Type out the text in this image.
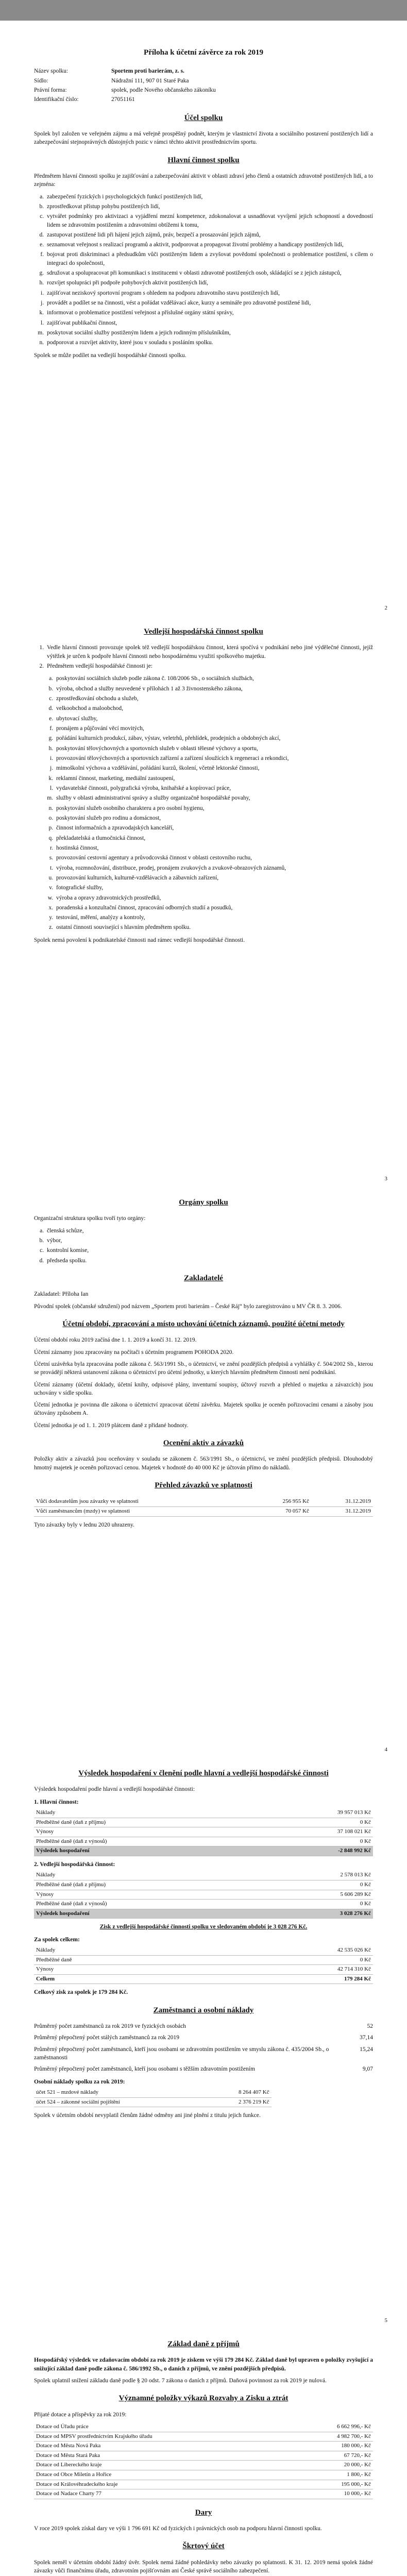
Příloha k účetní závěrce za rok 2019
Název spolku:	Sportem proti barierám, z. s.
Sídlo:	Nádražní 111, 907 01 Staré Paka
Právní forma:	spolek, podle Nového občanského zákoníku
Identifikační číslo:	27051161
Účel spolku

Spolek byl založen ve veřejném zájmu a má veřejně prospěšný podnět, kterým je vlastnictví života a sociálního postavení postižených lidí a zabezpečování stejnoprávných důstojných pozic v rámci těchto aktivit prostřednictvím sportu.

Hlavní činnost spolku

Předmětem hlavní činnosti spolku je zajišťování a zabezpečování aktivit v oblasti zdraví jeho členů a ostatních zdravotně postižených lidí, a to zejména:

a. zabezpečení fyzických i psychologických funkcí postižených lidí,
b. zprostředkovat přístup pohybu postižených lidí,
c. vytvářet podmínky pro aktivizaci a vyjádření mezní kompetence, zdokonalovat a usnadňovat vyvíjení jejich schopností a dovedností lidem se zdravotním postižením a zdravotními obtížemi k tomu,
d. zastupovat postižené lidi při hájení jejich zájmů, práv, bezpečí a prosazování jejich zájmů,
e. seznamovat veřejnost s realizací programů a aktivit, podporovat a propagovat životní problémy a handicapy postižených lidí,
f. bojovat proti diskriminaci a předsudkům vůči postiženým lidem a zvyšovat povědomí společnosti o problematice postižení, s cílem o integraci do společnosti,
g. sdružovat a spolupracovat při komunikaci s institucemi v oblasti zdravotně postižených osob, skládající se z jejich zástupců,
h. rozvíjet spolupráci při podpoře pohybových aktivit postižených lidí,
i. zajišťovat neziskový sportovní program s ohledem na podporu zdravotního stavu postižených lidí,
j. provádět a podílet se na činnosti, vést a pořádat vzdělávací akce, kurzy a semináře pro zdravotně postižené lidi,
k. informovat o problematice postižení veřejnost a příslušné orgány státní správy,
l. zajišťovat publikační činnost,
m. poskytovat sociální služby postiženým lidem a jejich rodinným příslušníkům,
n. podporovat a rozvíjet aktivity, které jsou v souladu s posláním spolku.

Spolek se může podílet na vedlejší hospodářské činnosti spolku.

2
Vedlejší hospodářská činnost spolku
1. Vedle hlavní činnosti provozuje spolek též vedlejší hospodářskou činnost, která spočívá v podnikání nebo jiné výdělečné činnosti, jejíž výtěžek je určen k podpoře hlavní činnosti nebo hospodárnému využití spolkového majetku.
2. Předmětem vedlejší hospodářské činnosti je:
a. poskytování sociálních služeb podle zákona č. 108/2006 Sb., o sociálních službách,
b. výroba, obchod a služby neuvedené v přílohách 1 až 3 živnostenského zákona,
c. zprostředkování obchodu a služeb,
d. velkoobchod a maloobchod,
e. ubytovací služby,
f. pronájem a půjčování věcí movitých,
g. pořádání kulturních produkcí, zábav, výstav, veletrhů, přehlídek, prodejních a obdobných akcí,
h. poskytování tělovýchovných a sportovních služeb v oblasti tělesné výchovy a sportu,
i. provozování tělovýchovných a sportovních zařízení a zařízení sloužících k regeneraci a rekondici,
j. mimoškolní výchova a vzdělávání, pořádání kurzů, školení, včetně lektorské činnosti,
k. reklamní činnost, marketing, mediální zastoupení,
l. vydavatelské činnosti, polygrafická výroba, knihařské a kopírovací práce,
m. služby v oblasti administrativní správy a služby organizačně hospodářské povahy,
n. poskytování služeb osobního charakteru a pro osobní hygienu,
o. poskytování služeb pro rodinu a domácnost,
p. činnost informačních a zpravodajských kanceláří,
q. překladatelská a tlumočnická činnost,
r. hostinská činnost,
s. provozování cestovní agentury a průvodcovská činnost v oblasti cestovního ruchu,
t. výroba, rozmnožování, distribuce, prodej, pronájem zvukových a zvukově-obrazových záznamů,
u. provozování kulturních, kulturně-vzdělávacích a zábavních zařízení,
v. fotografické služby,
w. výroba a opravy zdravotnických prostředků,
x. poradenská a konzultační činnost, zpracování odborných studií a posudků,
y. testování, měření, analýzy a kontroly,
z. ostatní činnosti související s hlavním předmětem spolku.

Spolek nemá povolení k podnikatelské činnosti nad rámec vedlejší hospodářské činnosti.

3
Orgány spolku

Organizační struktura spolku tvoří tyto orgány:

a. členská schůze,
b. výbor,
c. kontrolní komise,
d. předseda spolku.
Zakladatelé

Zakladatel: Příloha Ian

Původní spolek (občanské sdružení) pod názvem „Sportem proti barierám – České Ráj“ bylo zaregistrováno u MV ČR 8. 3. 2006.

Účetní období, zpracování a místo uchování účetních záznamů, použité účetní metody

Účetní období roku 2019 začíná dne 1. 1. 2019 a končí 31. 12. 2019.

Účetní záznamy jsou zpracovány na počítači s účetním programem POHODA 2020.

Účetní uzávěrka byla zpracována podle zákona č. 563/1991 Sb., o účetnictví, ve znění pozdějších předpisů a vyhlášky č. 504/2002 Sb., kterou se provádějí některá ustanovení zákona o účetnictví pro účetní jednotky, u kterých hlavním předmětem činnosti není podnikání.

Účetní záznamy (účetní doklady, účetní knihy, odpisové plány, inventurní soupisy, účtový rozvrh a přehled o majetku a závazcích) jsou uchovány v sídle spolku.

Účetní jednotka je povinna dle zákona o účetnictví zpracovat účetní závěrku. Majetek spolku je oceněn pořizovacími cenami a zásoby jsou účtovány způsobem A.

Účetní jednotka je od 1. 1. 2019 plátcem daně z přidané hodnoty.

Ocenění aktiv a závazků

Položky aktiv a závazků jsou oceňovány v souladu se zákonem č. 563/1991 Sb., o účetnictví, ve znění pozdějších předpisů. Dlouhodobý hmotný majetek je oceněn pořizovací cenou. Majetek v hodnotě do 40 000 Kč je účtován přímo do nákladů.

Přehled závazků ve splatnosti
Vůči dodavatelům jsou závazky ve splatnosti	256 955 Kč	31.12.2019
Vůči zaměstnancům (mzdy) ve splatnosti	70 057 Kč	31.12.2019

Tyto závazky byly v lednu 2020 uhrazeny.

4
Výsledek hospodaření v členění podle hlavní a vedlejší hospodářské činnosti

Výsledek hospodaření podle hlavní a vedlejší hospodářské činnosti:

1. Hlavní činnost:
Náklady	39 957 013 Kč
Předběžné daně (daň z příjmu)	0 Kč
Výnosy	37 108 021 Kč
Předběžné daně (daň z výnosů)	0 Kč
Výsledek hospodaření	-2 848 992 Kč
2. Vedlejší hospodářská činnost:
Náklady	2 578 013 Kč
Předběžné daně (daň z příjmu)	0 Kč
Výnosy	5 606 289 Kč
Předběžné daně (daň z výnosů)	0 Kč
Výsledek hospodaření	3 028 276 Kč
Zisk z vedlejší hospodářské činnosti spolku ve sledovaném období je 3 028 276 Kč.
Za spolek celkem:
Náklady	42 535 026 Kč
Předběžné daně	0 Kč
Výnosy	42 714 310 Kč
Celkem	179 284 Kč

Celkový zisk za spolek je 179 284 Kč.

Zaměstnanci a osobní náklady
Průměrný počet zaměstnanců za rok 2019 ve fyzických osobách	52
Průměrný přepočtený počet stálých zaměstnanců za rok 2019	37,14
Průměrný přepočtený počet zaměstnanců, kteří jsou osobami se zdravotním postižením ve smyslu zákona č. 435/2004 Sb., o zaměstnanosti
15,24
Průměrný přepočtený počet zaměstnanců, kteří jsou osobami s těžším zdravotním postižením	9,07
Osobní náklady spolku za rok 2019:
účet 521 – mzdové náklady	8 264 407 Kč
účet 524 – zákonné sociální pojištění	2 376 219 Kč

Spolek v účetním období nevyplatil členům žádné odměny ani jiné plnění z titulu jejich funkce.

5
Základ daně z příjmů

Hospodářský výsledek ve zdaňovacím období za rok 2019 je ziskem ve výši 179 284 Kč. Základ daně byl upraven o položky zvyšující a snižující základ daně podle zákona č. 586/1992 Sb., o daních z příjmů, ve znění pozdějších předpisů.

Spolek uplatnil snížení základu daně podle § 20 odst. 7 zákona o daních z příjmů. Daňová povinnost za rok 2019 je nulová.

Významné položky výkazů Rozvahy a Zisku a ztrát

Přijaté dotace a příspěvky za rok 2019:

Dotace od Úřadu práce	6 662 996,- Kč
Dotace od MPSV prostřednictvím Krajského úřadu	4 982 700,- Kč
Dotace od Města Nová Paka	180 000,- Kč
Dotace od Města Stará Paka	67 720,- Kč
Dotace od Libereckého kraje	20 000,- Kč
Dotace od Obce Miletín a Hořice	1 800,- Kč
Dotace od Královéhradeckého kraje	195 000,- Kč
Dotace od Nadace Charty 77	10 000,- Kč
Dary

V roce 2019 spolek získal dary ve výši 1 796 691 Kč od fyzických i právnických osob na podporu hlavní činnosti spolku.

Škrtový účet

Spolek neměl v účetním období žádný úvěr. Spolek nemá žádné pohledávky nebo závazky po splatnosti. K 31. 12. 2019 nemá spolek žádné závazky vůči finančnímu úřadu, zdravotním pojišťovnám ani České správě sociálního zabezpečení.
